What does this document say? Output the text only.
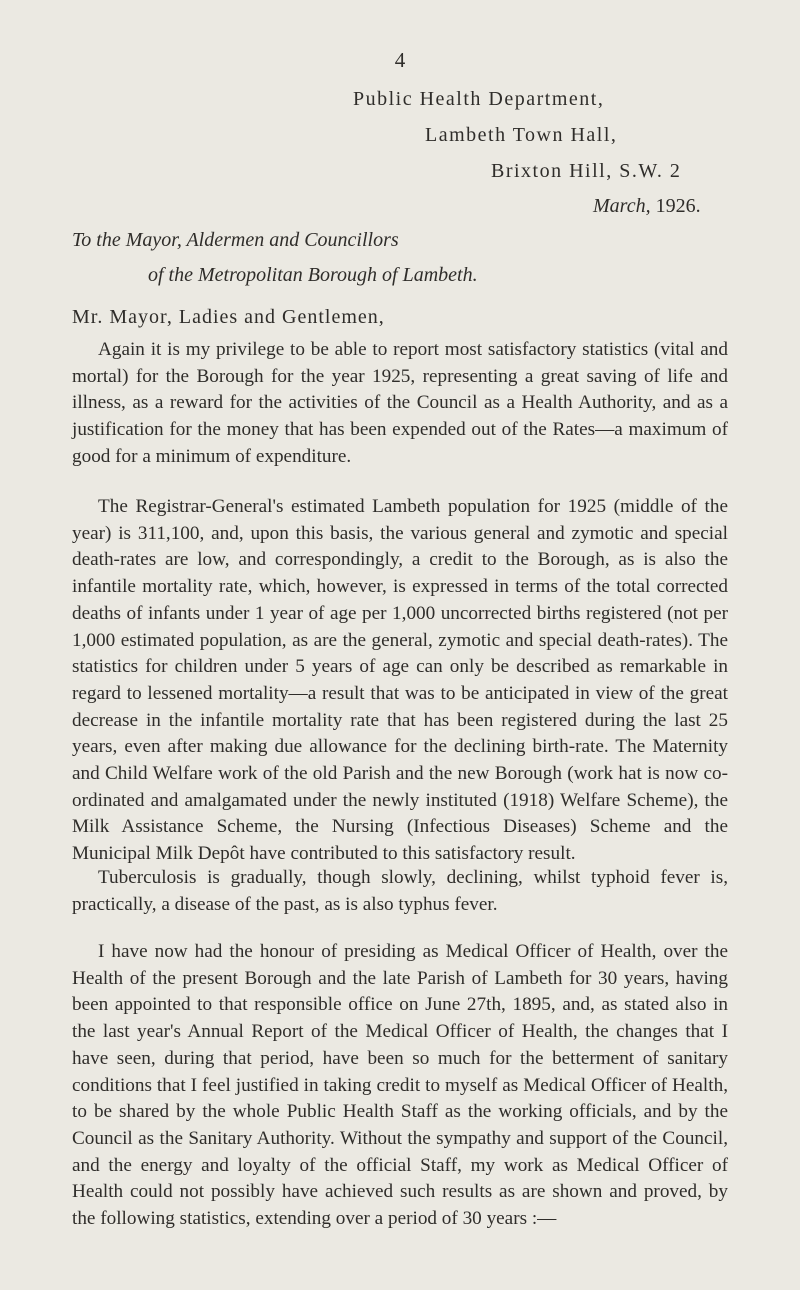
4
Public Health Department,
Lambeth Town Hall,
Brixton Hill, S.W. 2
March, 1926.
To the Mayor, Aldermen and Councillors
of the Metropolitan Borough of Lambeth.
Mr. Mayor, Ladies and Gentlemen,

Again it is my privilege to be able to report most satisfactory statistics (vital and mortal) for the Borough for the year 1925, representing a great saving of life and illness, as a reward for the activities of the Council as a Health Authority, and as a justification for the money that has been expended out of the Rates—a maximum of good for a minimum of expenditure.

The Registrar-General's estimated Lambeth population for 1925 (middle of the year) is 311,100, and, upon this basis, the various general and zymotic and special death-rates are low, and correspondingly, a credit to the Borough, as is also the infantile mortality rate, which, however, is expressed in terms of the total corrected deaths of infants under 1 year of age per 1,000 uncorrected births registered (not per 1,000 estimated population, as are the general, zymotic and special death-rates). The statistics for children under 5 years of age can only be described as remarkable in regard to lessened mortality—a result that was to be anticipated in view of the great decrease in the infantile mortality rate that has been registered during the last 25 years, even after making due allowance for the declining birth-rate. The Maternity and Child Welfare work of the old Parish and the new Borough (work hat is now co-ordinated and amalgamated under the newly instituted (1918) Welfare Scheme), the Milk Assistance Scheme, the Nursing (Infectious Diseases) Scheme and the Municipal Milk Depôt have contributed to this satisfactory result.

Tuberculosis is gradually, though slowly, declining, whilst typhoid fever is, practically, a disease of the past, as is also typhus fever.

I have now had the honour of presiding as Medical Officer of Health, over the Health of the present Borough and the late Parish of Lambeth for 30 years, having been appointed to that responsible office on June 27th, 1895, and, as stated also in the last year's Annual Report of the Medical Officer of Health, the changes that I have seen, during that period, have been so much for the betterment of sanitary conditions that I feel justified in taking credit to myself as Medical Officer of Health, to be shared by the whole Public Health Staff as the working officials, and by the Council as the Sanitary Authority. Without the sympathy and support of the Council, and the energy and loyalty of the official Staff, my work as Medical Officer of Health could not possibly have achieved such results as are shown and proved, by the following statistics, extending over a period of 30 years :—
